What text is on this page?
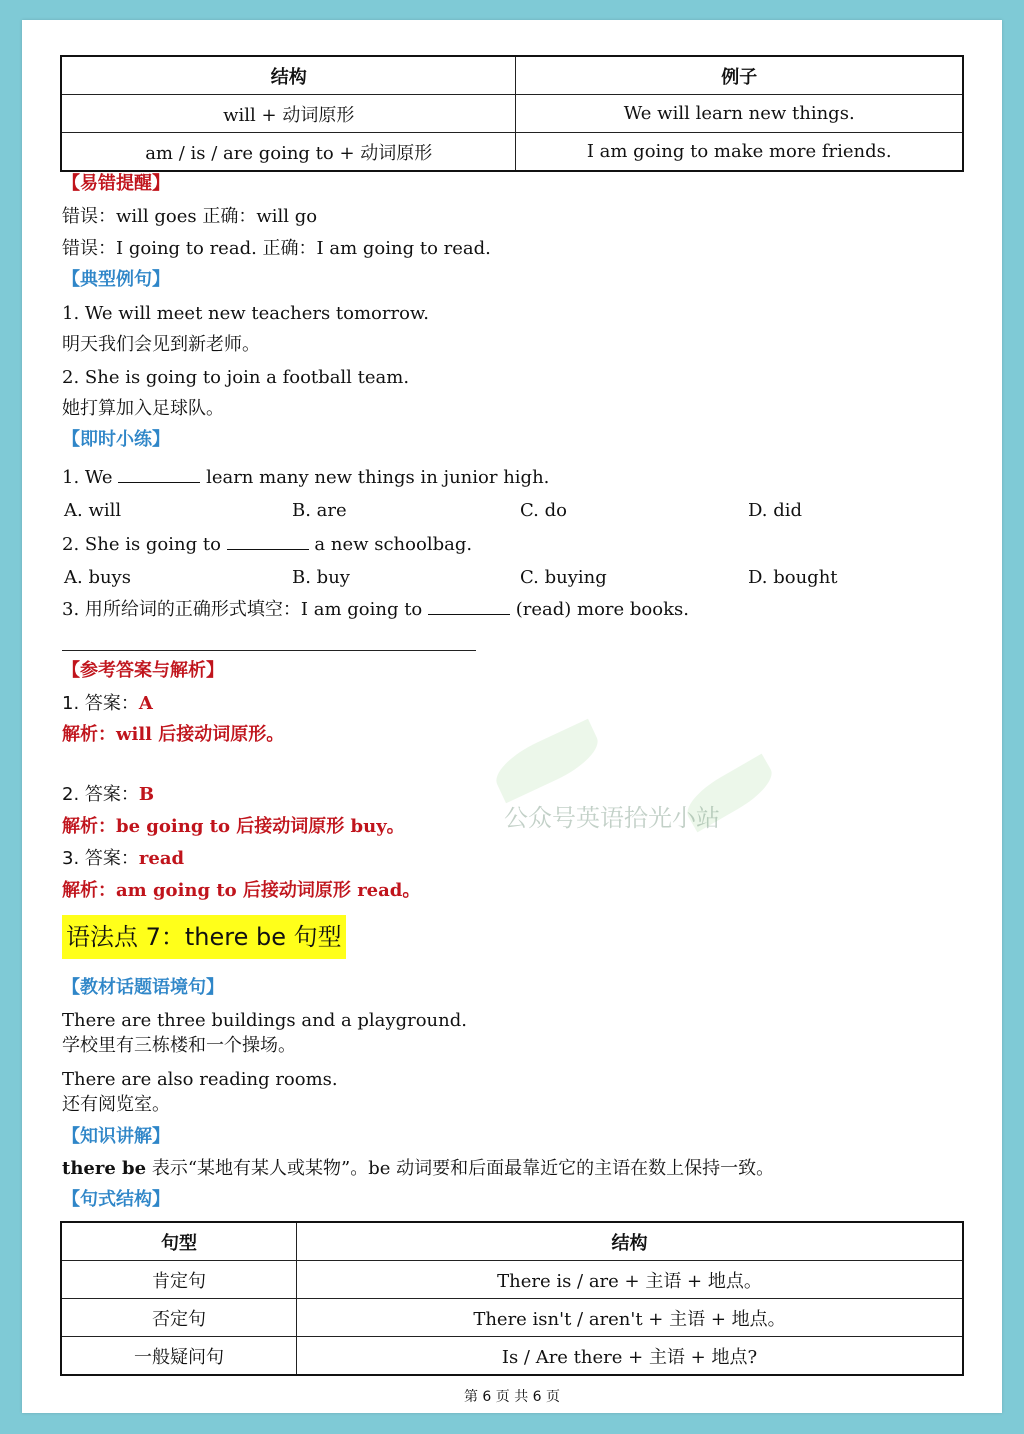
结构	例子
will + 动词原形	We will learn new things.
am / is / are going to + 动词原形	I am going to make more friends.
【易错提醒】
错误：will goes 正确：will go
错误：I going to read. 正确：I am going to read.
【典型例句】
1. We will meet new teachers tomorrow.
明天我们会见到新老师。
2. She is going to join a football team.
她打算加入足球队。
【即时小练】
1. We	learn many new things in junior high.
A. will	B. are	C. do	D. did
2. She is going to	a new schoolbag.
A. buys	B. buy	C. buying	D. bought
3. 用所给词的正确形式填空：I am going to	(read) more books.
【参考答案与解析】
1. 答案：A
解析：will 后接动词原形。
2. 答案：B
解析：be going to 后接动词原形 buy。
3. 答案：read
解析：am going to 后接动词原形 read。
公众号英语拾光小站
语法点 7：there be 句型
【教材话题语境句】
There are three buildings and a playground.
学校里有三栋楼和一个操场。
There are also reading rooms.
还有阅览室。
【知识讲解】
there be 表示“某地有某人或某物”。be 动词要和后面最靠近它的主语在数上保持一致。
【句式结构】
句型	结构
肯定句	There is / are + 主语 + 地点。
否定句	There isn't / aren't + 主语 + 地点。
一般疑问句	Is / Are there + 主语 + 地点?
第 6 页 共 6 页
